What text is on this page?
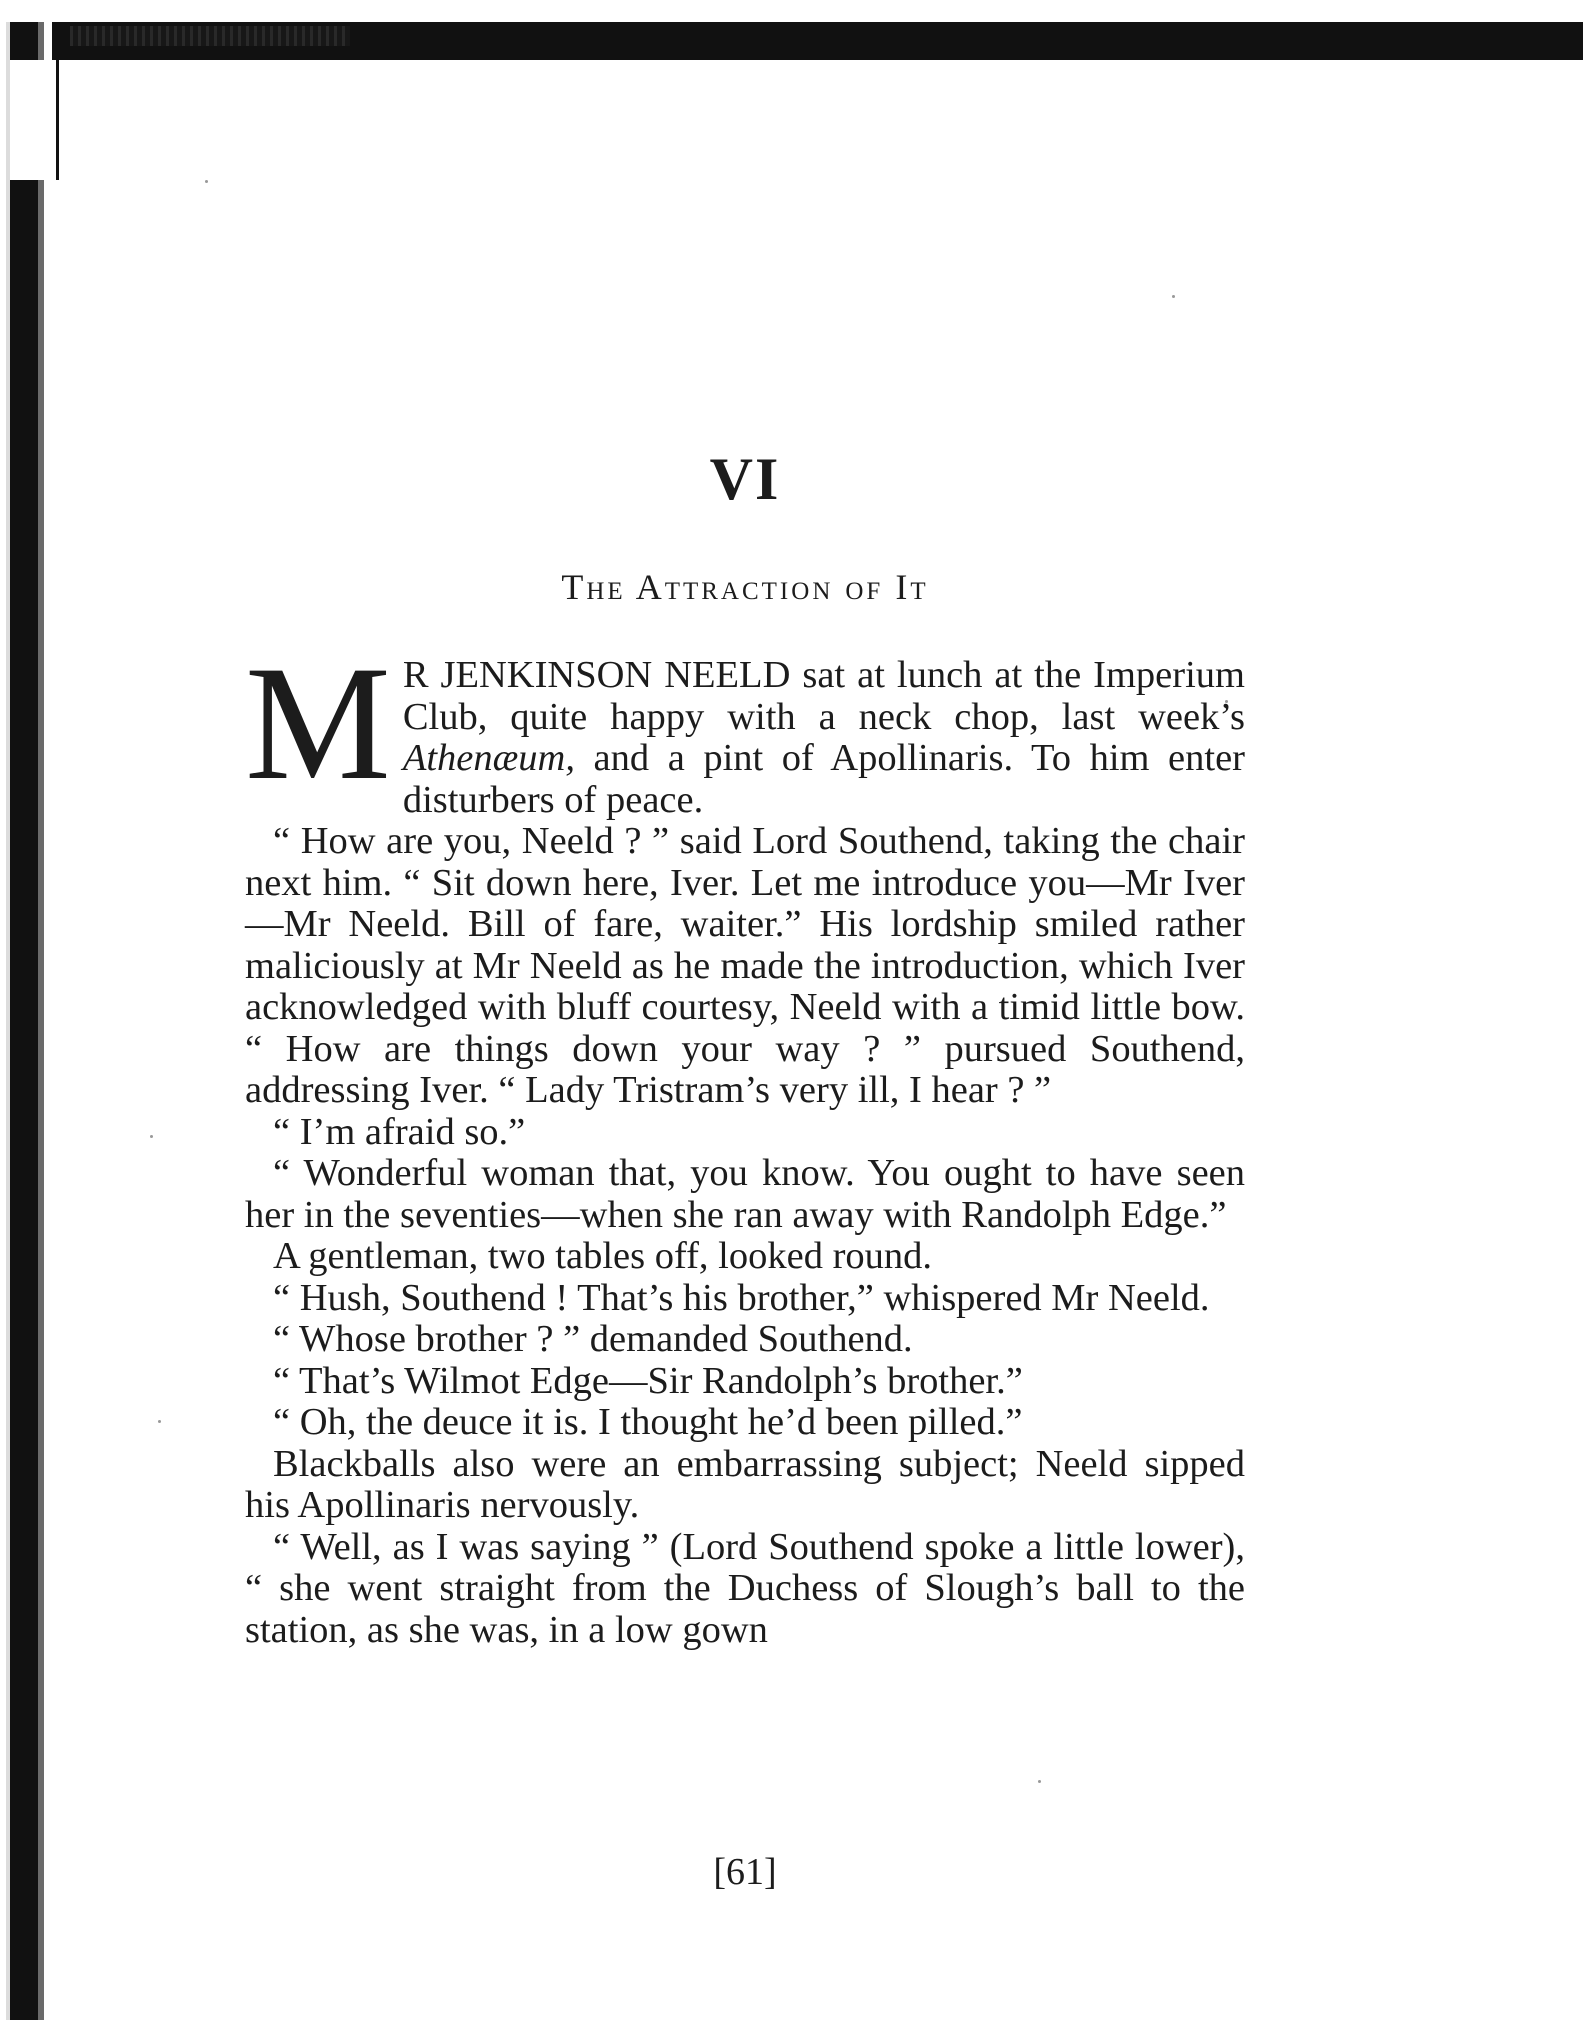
VI
The Attraction of It

M R JENKINSON NEELD sat at lunch at the Imperium Club, quite happy with a neck chop, last week’s Athenæum, and a pint of Apollinaris. To him enter disturbers of peace.

“ How are you, Neeld ? ” said Lord Southend, taking the chair next him. “ Sit down here, Iver. Let me introduce you—Mr Iver—Mr Neeld. Bill of fare, waiter.” His lordship smiled rather maliciously at Mr Neeld as he made the introduction, which Iver acknowledged with bluff courtesy, Neeld with a timid little bow. “ How are things down your way ? ” pursued Southend, addressing Iver. “ Lady Tristram’s very ill, I hear ? ”

“ I’m afraid so.”

“ Wonderful woman that, you know. You ought to have seen her in the seventies—when she ran away with Randolph Edge.”

A gentleman, two tables off, looked round.

“ Hush, Southend ! That’s his brother,” whispered Mr Neeld.

“ Whose brother ? ” demanded Southend.

“ That’s Wilmot Edge—Sir Randolph’s brother.”

“ Oh, the deuce it is. I thought he’d been pilled.”

Blackballs also were an embarrassing subject; Neeld sipped his Apollinaris nervously.

“ Well, as I was saying ” (Lord Southend spoke a little lower), “ she went straight from the Duchess of Slough’s ball to the station, as she was, in a low gown

[61]
